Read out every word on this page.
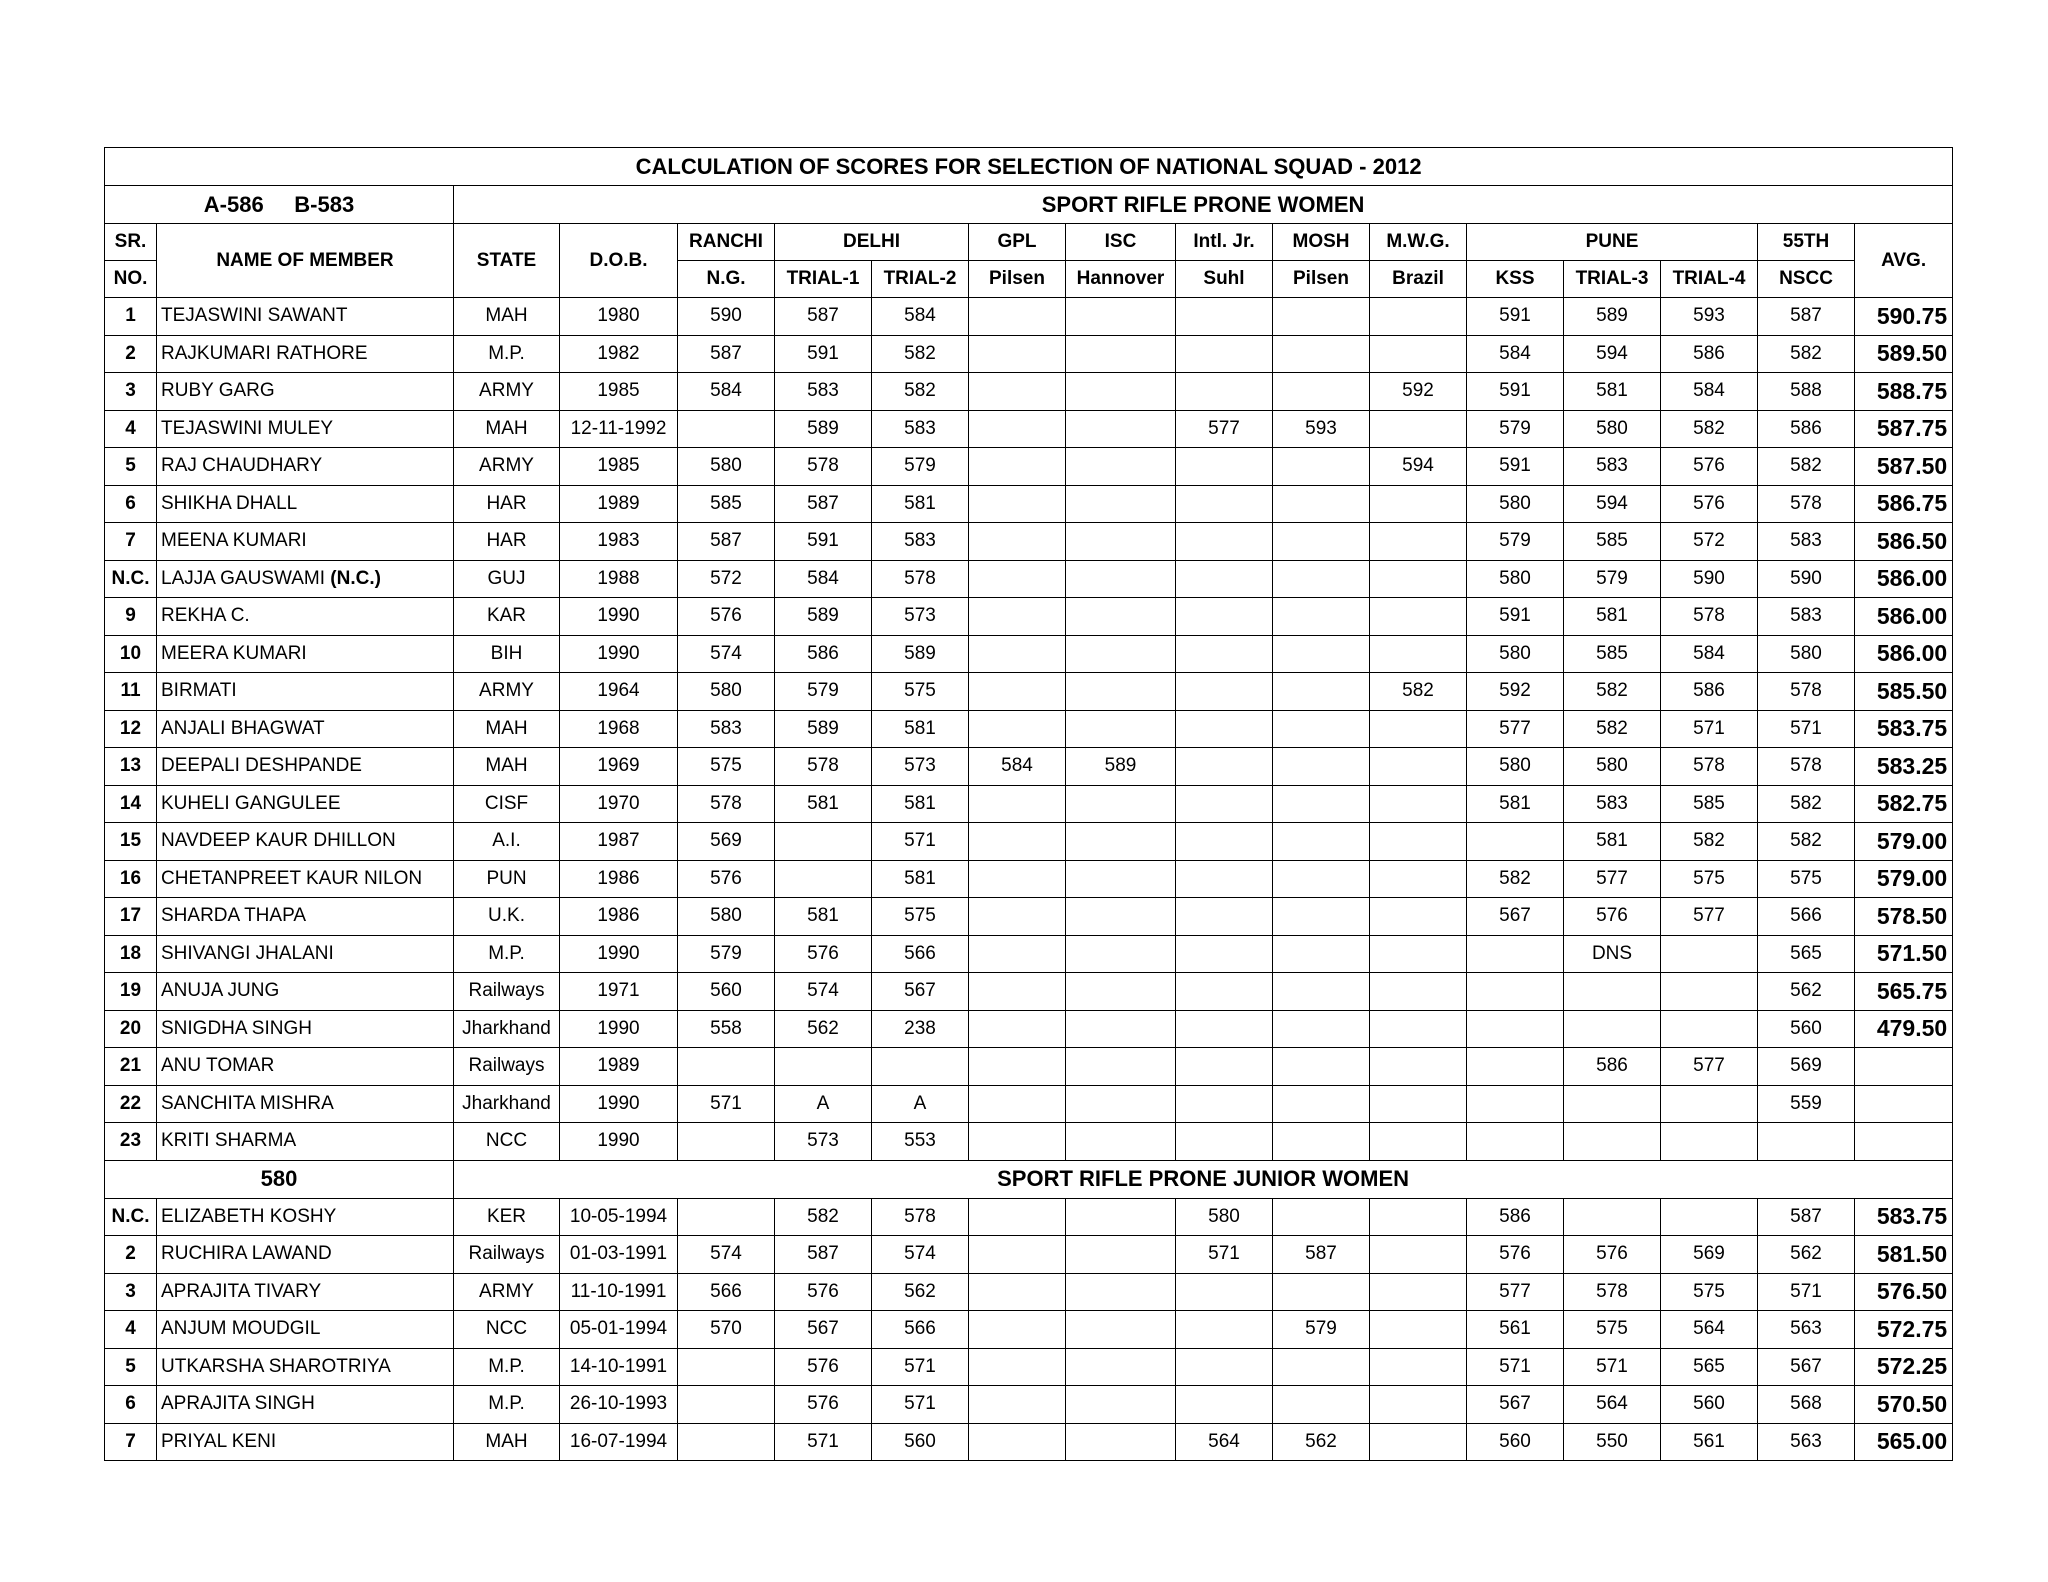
CALCULATION OF SCORES FOR SELECTION OF NATIONAL SQUAD - 2012																
A-586     B-583		SPORT RIFLE PRONE WOMEN														
SR.	NAME OF MEMBER	STATE	D.O.B.	RANCHI	DELHI		GPL	ISC	Intl. Jr.	MOSH	M.W.G.	PUNE			55TH	AVG.
NO.				N.G.	TRIAL-1	TRIAL-2	Pilsen	Hannover	Suhl	Pilsen	Brazil	KSS	TRIAL-3	TRIAL-4	NSCC	
1	TEJASWINI SAWANT	MAH	1980	590	587	584						591	589	593	587	590.75
2	RAJKUMARI RATHORE	M.P.	1982	587	591	582						584	594	586	582	589.50
3	RUBY GARG	ARMY	1985	584	583	582					592	591	581	584	588	588.75
4	TEJASWINI MULEY	MAH	12-11-1992		589	583			577	593		579	580	582	586	587.75
5	RAJ CHAUDHARY	ARMY	1985	580	578	579					594	591	583	576	582	587.50
6	SHIKHA DHALL	HAR	1989	585	587	581						580	594	576	578	586.75
7	MEENA KUMARI	HAR	1983	587	591	583						579	585	572	583	586.50
N.C.	LAJJA GAUSWAMI (N.C.)	GUJ	1988	572	584	578						580	579	590	590	586.00
9	REKHA C.	KAR	1990	576	589	573						591	581	578	583	586.00
10	MEERA KUMARI	BIH	1990	574	586	589						580	585	584	580	586.00
11	BIRMATI	ARMY	1964	580	579	575					582	592	582	586	578	585.50
12	ANJALI BHAGWAT	MAH	1968	583	589	581						577	582	571	571	583.75
13	DEEPALI DESHPANDE	MAH	1969	575	578	573	584	589				580	580	578	578	583.25
14	KUHELI GANGULEE	CISF	1970	578	581	581						581	583	585	582	582.75
15	NAVDEEP KAUR DHILLON	A.I.	1987	569		571							581	582	582	579.00
16	CHETANPREET KAUR NILON	PUN	1986	576		581						582	577	575	575	579.00
17	SHARDA THAPA	U.K.	1986	580	581	575						567	576	577	566	578.50
18	SHIVANGI JHALANI	M.P.	1990	579	576	566							DNS		565	571.50
19	ANUJA JUNG	Railways	1971	560	574	567									562	565.75
20	SNIGDHA SINGH	Jharkhand	1990	558	562	238									560	479.50
21	ANU TOMAR	Railways	1989										586	577	569	
22	SANCHITA MISHRA	Jharkhand	1990	571	A	A									559	
23	KRITI SHARMA	NCC	1990		573	553										
580		SPORT RIFLE PRONE JUNIOR WOMEN														
N.C.	ELIZABETH KOSHY	KER	10-05-1994		582	578			580			586			587	583.75
2	RUCHIRA LAWAND	Railways	01-03-1991	574	587	574			571	587		576	576	569	562	581.50
3	APRAJITA TIVARY	ARMY	11-10-1991	566	576	562						577	578	575	571	576.50
4	ANJUM MOUDGIL	NCC	05-01-1994	570	567	566				579		561	575	564	563	572.75
5	UTKARSHA SHAROTRIYA	M.P.	14-10-1991		576	571						571	571	565	567	572.25
6	APRAJITA SINGH	M.P.	26-10-1993		576	571						567	564	560	568	570.50
7	PRIYAL KENI	MAH	16-07-1994		571	560			564	562		560	550	561	563	565.00
